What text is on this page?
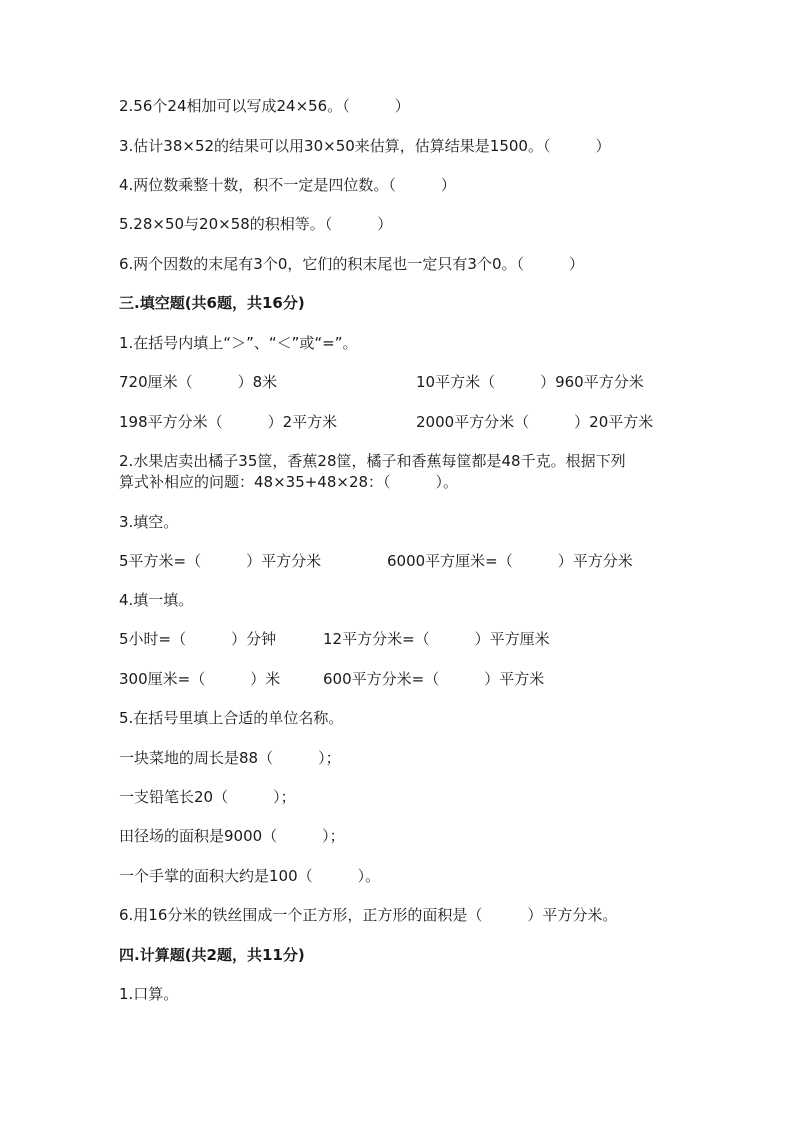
2.56个24相加可以写成24×56。（　　　）
3.估计38×52的结果可以用30×50来估算，估算结果是1500。（　　　）
4.两位数乘整十数，积不一定是四位数。（　　　）
5.28×50与20×58的积相等。（　　　）
6.两个因数的末尾有3个0，它们的积末尾也一定只有3个0。（　　　）
三.填空题(共6题，共16分)
1.在括号内填上“＞”、“＜”或“=”。
720厘米（　　　）8米	10平方米（　　　）960平方分米
198平方分米（　　　）2平方米	2000平方分米（　　　）20平方米
2.水果店卖出橘子35筐，香蕉28筐，橘子和香蕉每筐都是48千克。根据下列
算式补相应的问题：48×35+48×28：（　　　）。
3.填空。
5平方米=（　　　）平方分米	6000平方厘米=（　　　）平方分米
4.填一填。
5小时=（　　　）分钟	12平方分米=（　　　）平方厘米
300厘米=（　　　）米	600平方分米=（　　　）平方米
5.在括号里填上合适的单位名称。
一块菜地的周长是88（　　　）；
一支铅笔长20（　　　）；
田径场的面积是9000（　　　）；
一个手掌的面积大约是100（　　　）。
6.用16分米的铁丝围成一个正方形，正方形的面积是（　　　）平方分米。
四.计算题(共2题，共11分)
1.口算。
